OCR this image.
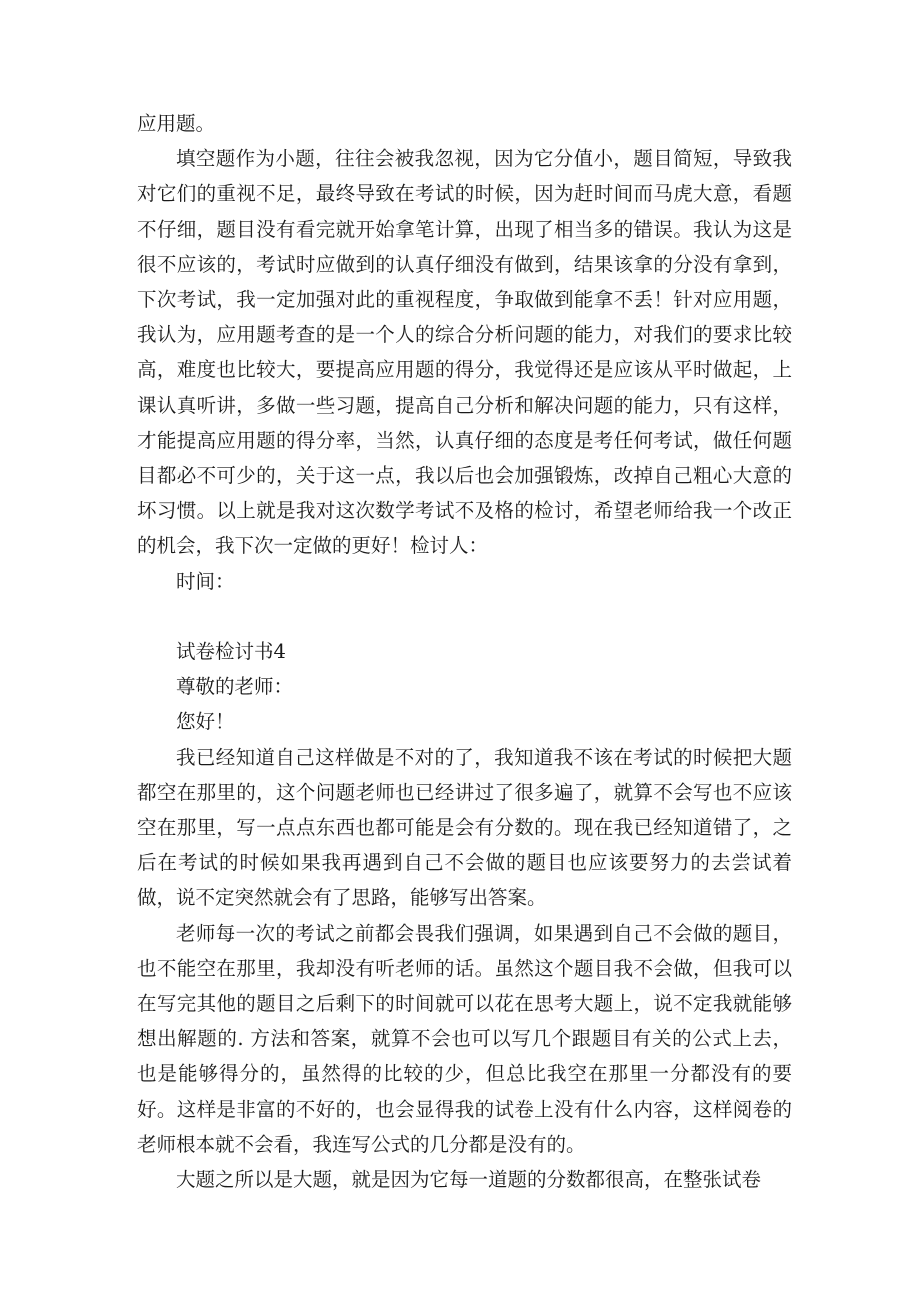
应用题。

填空题作为小题，往往会被我忽视，因为它分值小，题目简短，导致我对它们的重视不足，最终导致在考试的时候，因为赶时间而马虎大意，看题不仔细，题目没有看完就开始拿笔计算，出现了相当多的错误。我认为这是很不应该的，考试时应做到的认真仔细没有做到，结果该拿的分没有拿到，下次考试，我一定加强对此的重视程度，争取做到能拿不丢！针对应用题，我认为，应用题考查的是一个人的综合分析问题的能力，对我们的要求比较高，难度也比较大，要提高应用题的得分，我觉得还是应该从平时做起，上课认真听讲，多做一些习题，提高自己分析和解决问题的能力，只有这样，才能提高应用题的得分率，当然，认真仔细的态度是考任何考试，做任何题目都必不可少的，关于这一点，我以后也会加强锻炼，改掉自己粗心大意的坏习惯。以上就是我对这次数学考试不及格的检讨，希望老师给我一个改正的机会，我下次一定做的更好！检讨人：

时间：

试卷检讨书4

尊敬的老师：

您好！

我已经知道自己这样做是不对的了，我知道我不该在考试的时候把大题都空在那里的，这个问题老师也已经讲过了很多遍了，就算不会写也不应该空在那里，写一点点东西也都可能是会有分数的。现在我已经知道错了，之后在考试的时候如果我再遇到自己不会做的题目也应该要努力的去尝试着做，说不定突然就会有了思路，能够写出答案。

老师每一次的考试之前都会畏我们强调，如果遇到自己不会做的题目，也不能空在那里，我却没有听老师的话。虽然这个题目我不会做，但我可以在写完其他的题目之后剩下的时间就可以花在思考大题上，说不定我就能够想出解题的. 方法和答案，就算不会也可以写几个跟题目有关的公式上去，也是能够得分的，虽然得的比较的少，但总比我空在那里一分都没有的要好。这样是非富的不好的，也会显得我的试卷上没有什么内容，这样阅卷的老师根本就不会看，我连写公式的几分都是没有的。

大题之所以是大题，就是因为它每一道题的分数都很高，在整张试卷
